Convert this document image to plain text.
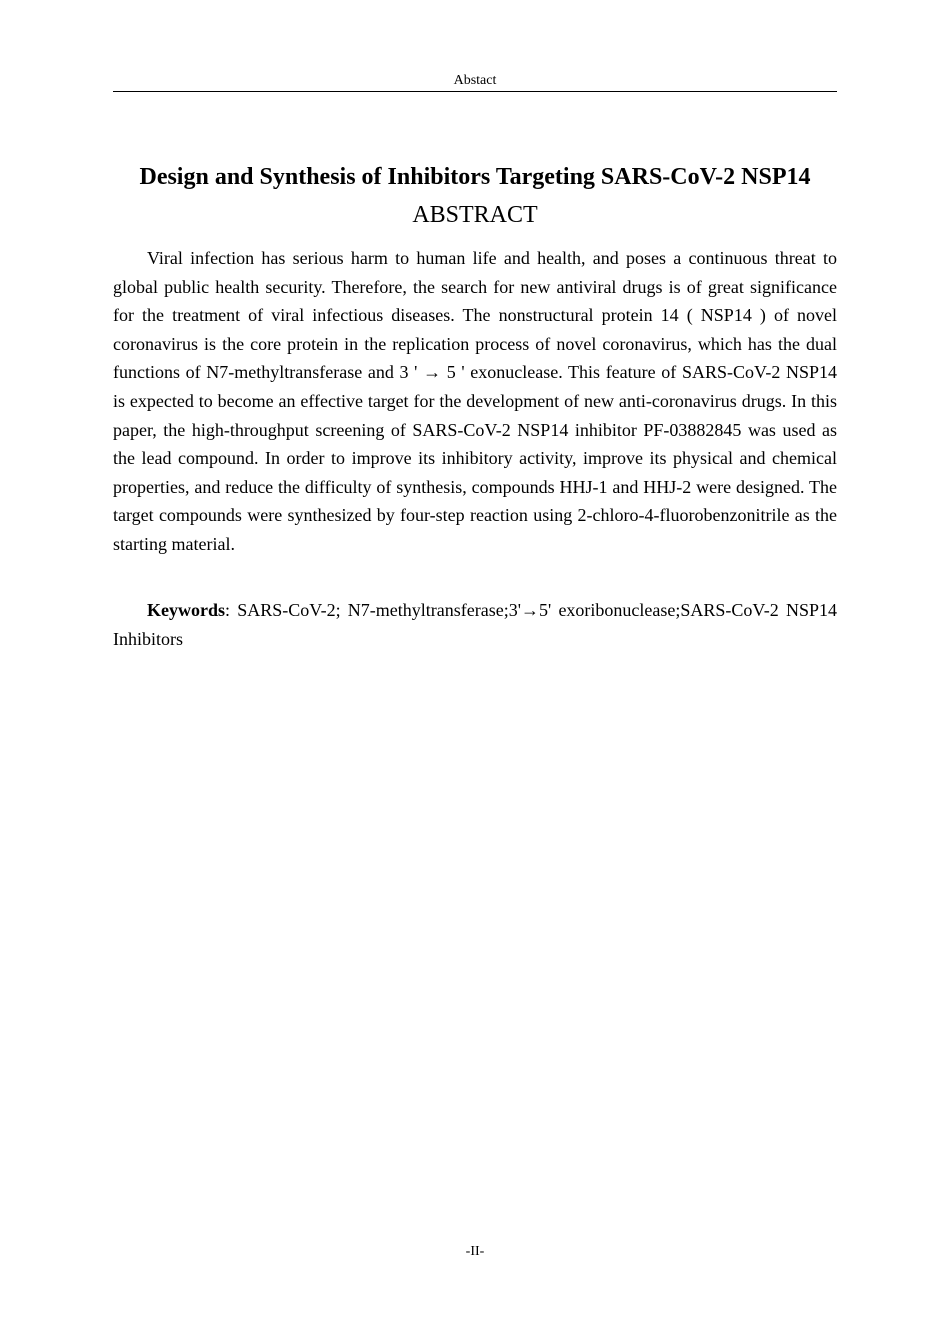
Abstact
Design and Synthesis of Inhibitors Targeting SARS-CoV-2 NSP14
ABSTRACT

Viral infection has serious harm to human life and health, and poses a continuous threat to global public health security. Therefore, the search for new antiviral drugs is of great significance for the treatment of viral infectious diseases. The nonstructural protein 14 ( NSP14 ) of novel coronavirus is the core protein in the replication process of novel coronavirus, which has the dual functions of N7-methyltransferase and 3 ' → 5 ' exonuclease. This feature of SARS-CoV-2 NSP14 is expected to become an effective target for the development of new anti-coronavirus drugs. In this paper, the high-throughput screening of SARS-CoV-2 NSP14 inhibitor PF-03882845 was used as the lead compound. In order to improve its inhibitory activity, improve its physical and chemical properties, and reduce the difficulty of synthesis, compounds HHJ-1 and HHJ-2 were designed. The target compounds were synthesized by four-step reaction using 2-chloro-4-fluorobenzonitrile as the starting material.

Keywords: SARS-CoV-2; N7-methyltransferase;3'→5' exoribonuclease;SARS-CoV-2 NSP14 Inhibitors

-II-
